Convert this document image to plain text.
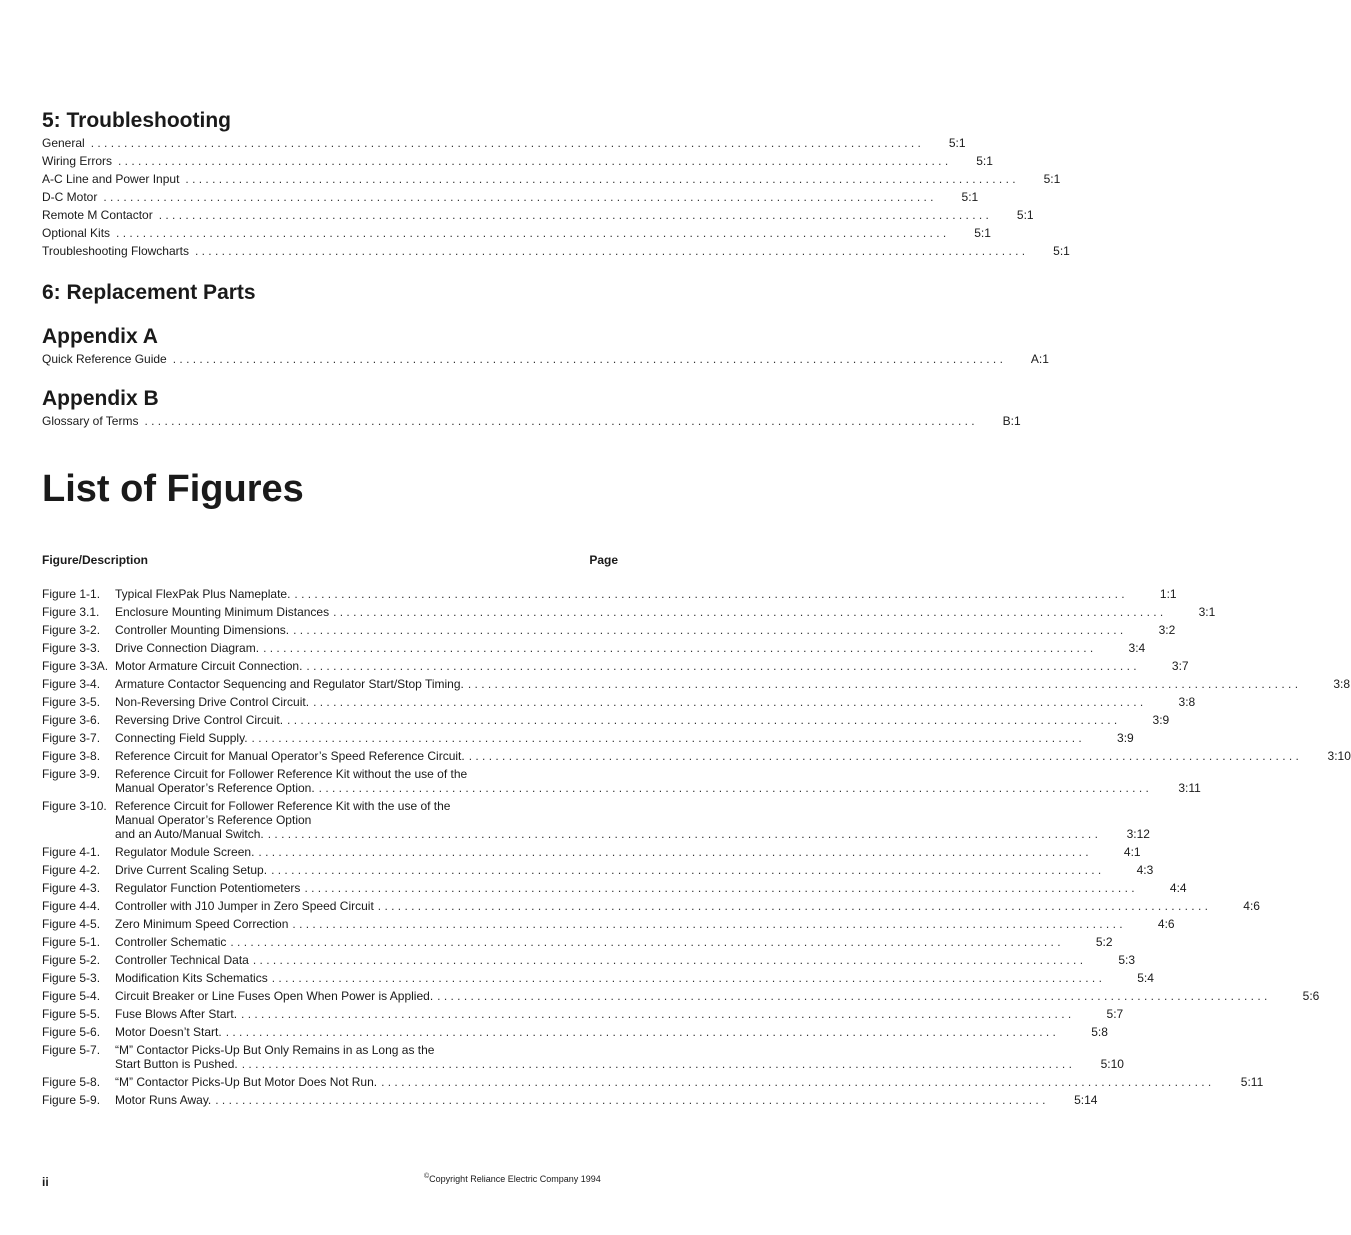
5: Troubleshooting
General . . .	5:1
Wiring Errors . . .	5:1
A-C Line and Power Input . . .	5:1
D-C Motor . . .	5:1
Remote M Contactor . . .	5:1
Optional Kits . . .	5:1
Troubleshooting Flowcharts . . .	5:1
6: Replacement Parts
Appendix A
Quick Reference Guide . . .	A:1
Appendix B
Glossary of Terms . . .	B:1
List of Figures
Figure/Description	Page
Figure 1-1.	Typical FlexPak Plus Nameplate. . . .	1:1
Figure 3.1.	Enclosure Mounting Minimum Distances . . .	3:1
Figure 3-2.	Controller Mounting Dimensions. . . .	3:2
Figure 3-3.	Drive Connection Diagram. . . .	3:4
Figure 3-3A. Motor Armature Circuit Connection. . . .	3:7
Figure 3-4.	Armature Contactor Sequencing and Regulator Start/Stop Timing. . . .	3:8
Figure 3-5.	Non-Reversing Drive Control Circuit. . . .	3:8
Figure 3-6.	Reversing Drive Control Circuit. . . .	3:9
Figure 3-7.	Connecting Field Supply. . . .	3:9
Figure 3-8.	Reference Circuit for Manual Operator’s Speed Reference Circuit. . . .	3:10
Figure 3-9.	Reference Circuit for Follower Reference Kit without the use of the
Manual Operator’s Reference Option. . . .	3:11
Figure 3-10. Reference Circuit for Follower Reference Kit with the use of the
Manual Operator’s Reference Option
and an Auto/Manual Switch. . . .	3:12
Figure 4-1.	Regulator Module Screen. . . .	4:1
Figure 4-2.	Drive Current Scaling Setup. . . .	4:3
Figure 4-3.	Regulator Function Potentiometers . . .	4:4
Figure 4-4.	Controller with J10 Jumper in Zero Speed Circuit . . .	4:6
Figure 4-5.	Zero Minimum Speed Correction . . .	4:6
Figure 5-1.	Controller Schematic . . .	5:2
Figure 5-2.	Controller Technical Data . . .	5:3
Figure 5-3.	Modification Kits Schematics . . .	5:4
Figure 5-4.	Circuit Breaker or Line Fuses Open When Power is Applied. . . .	5:6
Figure 5-5.	Fuse Blows After Start. . . .	5:7
Figure 5-6.	Motor Doesn’t Start. . . .	5:8
Figure 5-7.	“M” Contactor Picks-Up But Only Remains in as Long as the
Start Button is Pushed. . . .	5:10
Figure 5-8.	“M” Contactor Picks-Up But Motor Does Not Run. . . .	5:11
Figure 5-9.	Motor Runs Away. . . .	5:14
ii	©Copyright Reliance Electric Company 1994
